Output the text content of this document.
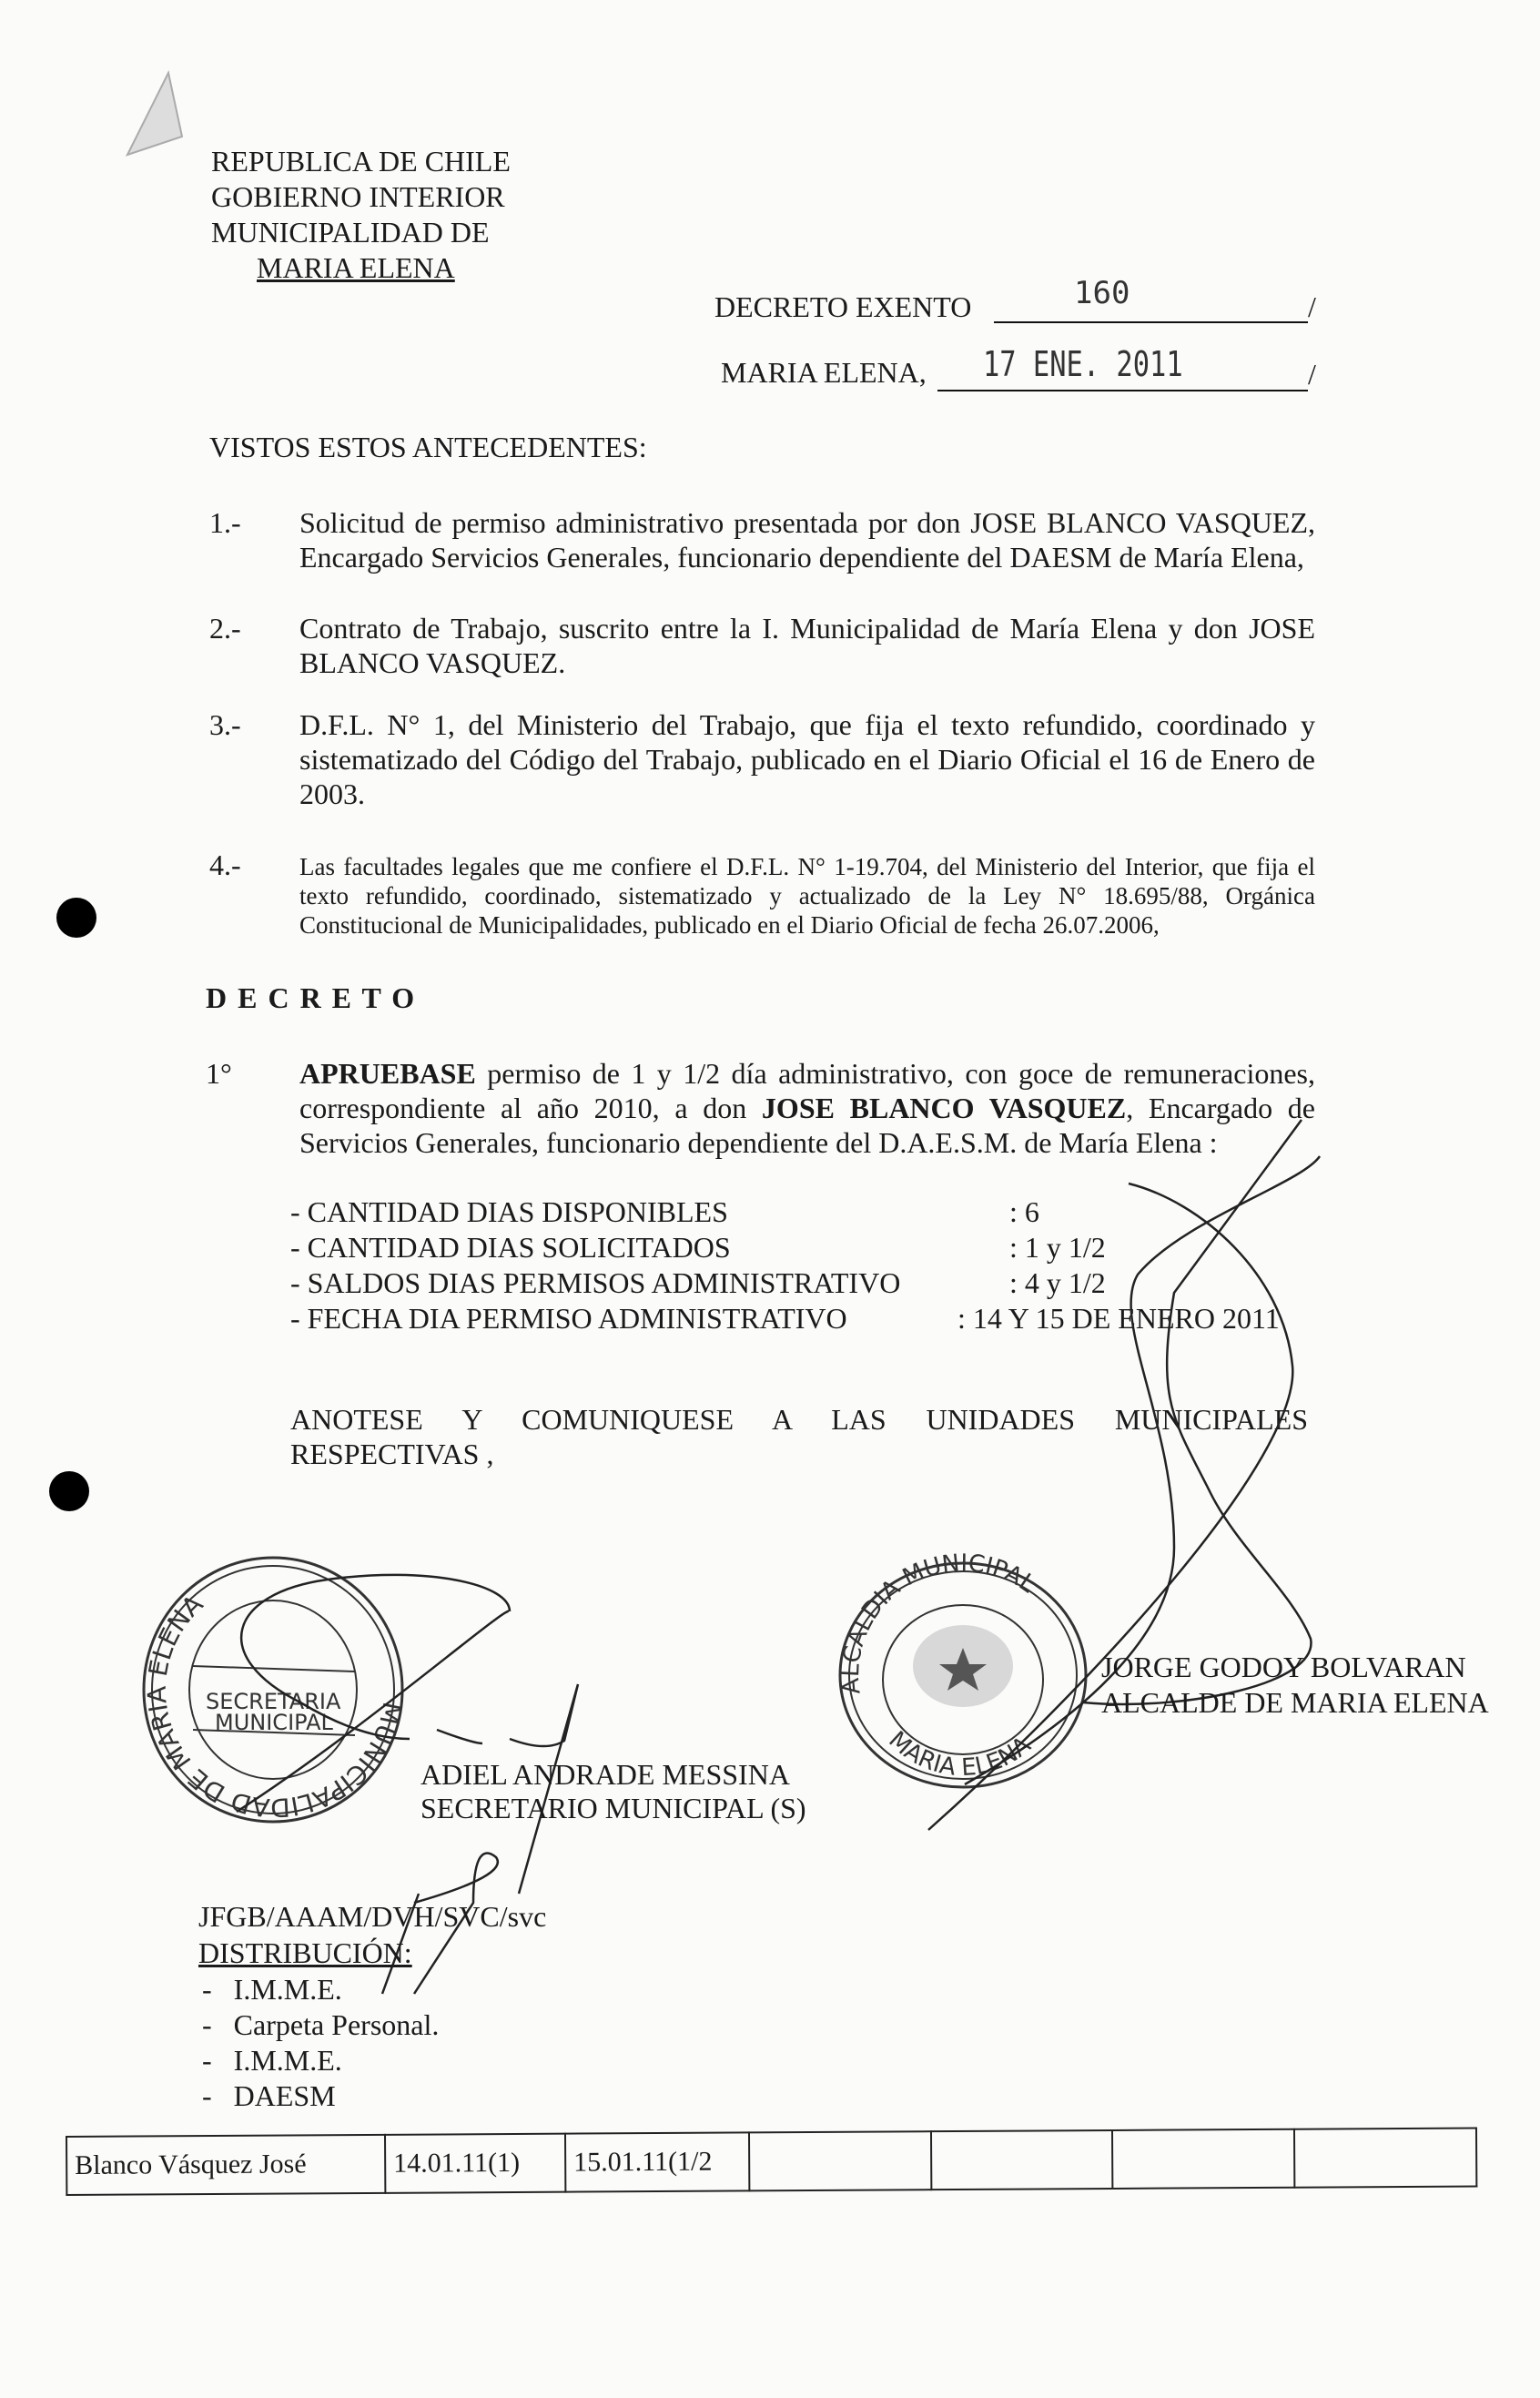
REPUBLICA DE CHILE
GOBIERNO INTERIOR
MUNICIPALIDAD DE
MARIA ELENA
DECRETO EXENTO	/
160
MARIA ELENA,	/
17 ENE. 2011
VISTOS ESTOS ANTECEDENTES:
1.-	Solicitud de permiso administrativo presentada por don JOSE BLANCO VASQUEZ, Encargado Servicios Generales, funcionario dependiente del DAESM de María Elena,
2.-	Contrato de Trabajo, suscrito entre la I. Municipalidad de María Elena y don JOSE BLANCO VASQUEZ.
3.-	D.F.L. N° 1, del Ministerio del Trabajo, que fija el texto refundido, coordinado y sistematizado del Código del Trabajo, publicado en el Diario Oficial el 16 de Enero de 2003.
4.-	Las facultades legales que me confiere el D.F.L. N° 1-19.704, del Ministerio del Interior, que fija el texto refundido, coordinado, sistematizado y actualizado de la Ley N° 18.695/88, Orgánica Constitucional de Municipalidades, publicado en el Diario Oficial de fecha 26.07.2006,
D E C R E T O
1°	APRUEBASE permiso de 1 y 1/2 día administrativo, con goce de remuneraciones, correspondiente al año 2010, a don JOSE BLANCO VASQUEZ, Encargado de Servicios Generales, funcionario dependiente del D.A.E.S.M. de María Elena :
- CANTIDAD DIAS DISPONIBLES	: 6
- CANTIDAD DIAS SOLICITADOS	: 1 y 1/2
- SALDOS DIAS PERMISOS ADMINISTRATIVO	: 4 y 1/2
- FECHA DIA PERMISO ADMINISTRATIVO	: 14 Y 15 DE ENERO 2011
ANOTESE Y COMUNIQUESE A LAS UNIDADES MUNICIPALES
RESPECTIVAS ,
MUNICIPALIDAD DE MARIA ELENA
SECRETARIA
MUNICIPAL
ALCALDIA MUNICIPAL
MARIA ELENA
ADIEL ANDRADE MESSINA
SECRETARIO MUNICIPAL (S)
JORGE GODOY BOLVARAN
ALCALDE DE MARIA ELENA
JFGB/AAAM/DVH/SVC/svc
DISTRIBUCIÓN:
-   I.M.M.E.
-   Carpeta Personal.
-   I.M.M.E.
-   DAESM
Blanco Vásquez José	14.01.11(1)	15.01.11(1/2				
